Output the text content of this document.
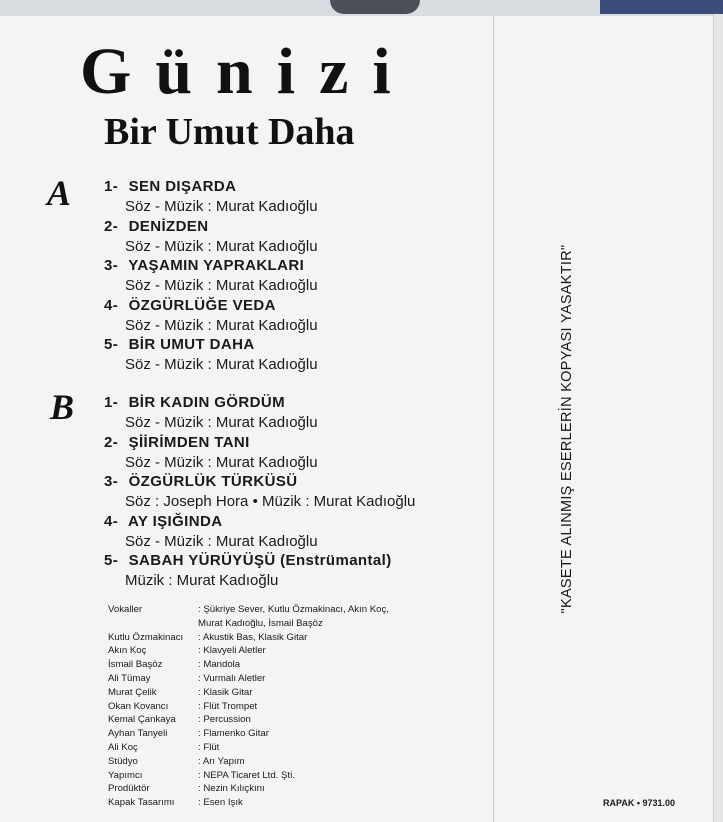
Günizi
Bir Umut Daha
A 1- SEN DIŞARDA
Söz - Müzik : Murat Kadıoğlu
2- DENİZDEN
Söz - Müzik : Murat Kadıoğlu
3- YAŞAMIN YAPRAKLARI
Söz - Müzik : Murat Kadıoğlu
4- ÖZGÜRLÜĞE VEDA
Söz - Müzik : Murat Kadıoğlu
5- BİR UMUT DAHA
Söz - Müzik : Murat Kadıoğlu
B 1- BİR KADIN GÖRDÜM
Söz - Müzik : Murat Kadıoğlu
2- ŞİİRİMDEN TANI
Söz - Müzik : Murat Kadıoğlu
3- ÖZGÜRLÜK TÜRKÜSÜ
Söz : Joseph Hora • Müzik : Murat Kadıoğlu
4- AY IŞIĞINDA
Söz - Müzik : Murat Kadıoğlu
5- SABAH YÜRÜYÜŞÜ (Enstrümantal)
Müzik : Murat Kadıoğlu
Vokaller	: Şükriye Sever, Kutlu Özmakinacı, Akın Koç,
Murat Kadıoğlu, İsmail Başöz
Kutlu Özmakinacı	: Akustik Bas, Klasik Gitar
Akın Koç	: Klavyeli Aletler
İsmail Başöz	: Mandola
Ali Tümay	: Vurmalı Aletler
Murat Çelik	: Klasik Gitar
Okan Kovancı	: Flüt Trompet
Kemal Çankaya	: Percussion
Ayhan Tanyeli	: Flamenko Gitar
Ali Koç	: Flüt
Stüdyo	: Arı Yapım
Yapımcı	: NEPA Ticaret Ltd. Şti.
Prodüktör	: Nezin Kılıçkını
Kapak Tasarımı	: Esen Işık
"KASETE ALINMIŞ ESERLERİN KOPYASI YASAKTIR"
RAPAK • 9731.00
